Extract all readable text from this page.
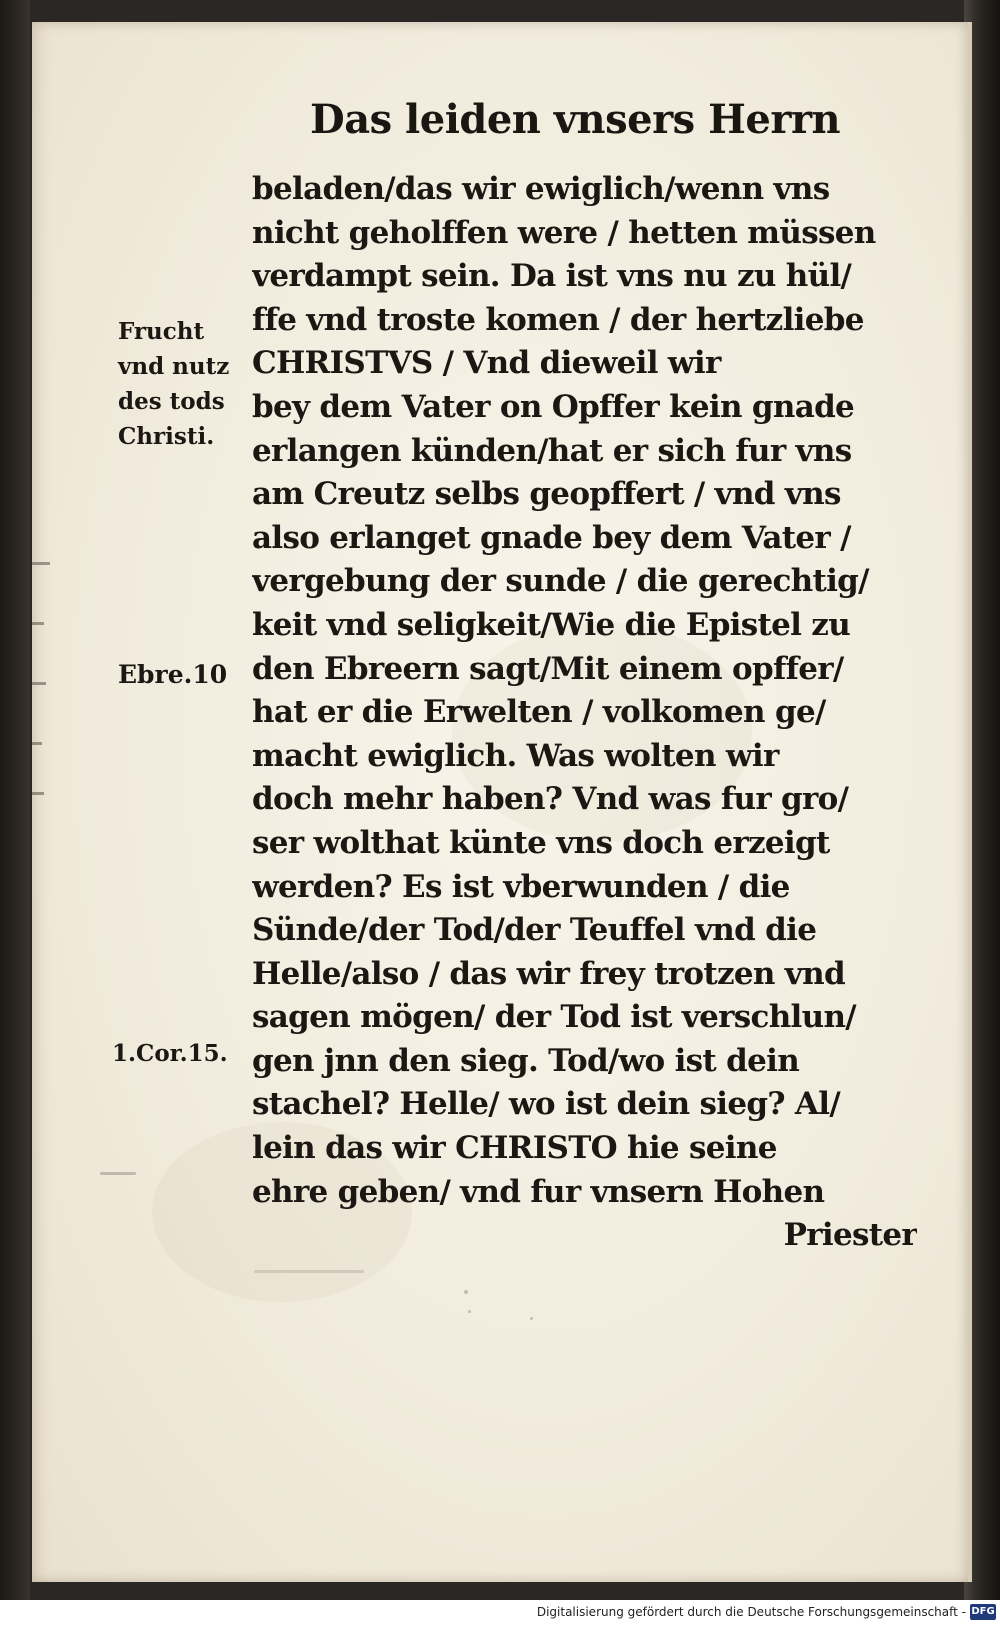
Das leiden vnsers Herrn
Frucht
vnd nutz
des tods
Christi.
Ebre.10
1.Cor.15.
beladen/das wir ewiglich/wenn vns
nicht geholffen were / hetten müssen
verdampt sein. Da ist vns nu zu hül/
ffe vnd troste komen / der hertzliebe
CHRISTVS / Vnd dieweil wir
bey dem Vater on Opffer kein gnade
erlangen künden/hat er sich fur vns
am Creutz selbs geopffert / vnd vns
also erlanget gnade bey dem Vater /
vergebung der sunde / die gerechtig/
keit vnd seligkeit/Wie die Epistel zu
den Ebreern sagt/Mit einem opffer/
hat er die Erwelten / volkomen ge/
macht ewiglich. Was wolten wir
doch mehr haben? Vnd was fur gro/
ser wolthat künte vns doch erzeigt
werden? Es ist vberwunden / die
Sünde/der Tod/der Teuffel vnd die
Helle/also / das wir frey trotzen vnd
sagen mögen/ der Tod ist verschlun/
gen jnn den sieg. Tod/wo ist dein
stachel? Helle/ wo ist dein sieg? Al/
lein das wir CHRISTO hie seine
ehre geben/ vnd fur vnsern Hohen
Priester
Digitalisierung gefördert durch die Deutsche Forschungsgemeinschaft - DFG
